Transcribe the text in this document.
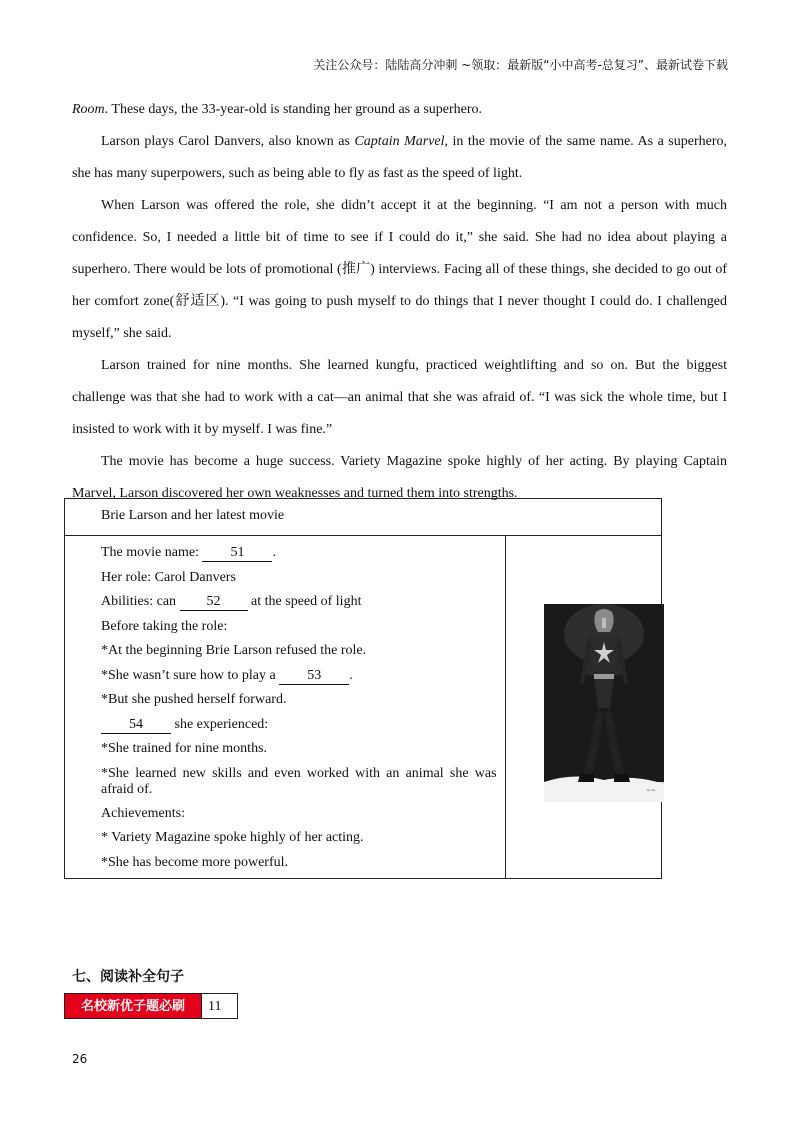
关注公众号：陆陆高分冲刺 ~领取：最新版“小中高考-总复习”、最新试卷下载

Room. These days, the 33-year-old is standing her ground as a superhero.

Larson plays Carol Danvers, also known as Captain Marvel, in the movie of the same name. As a superhero, she has many superpowers, such as being able to fly as fast as the speed of light.

When Larson was offered the role, she didn’t accept it at the beginning. “I am not a person with much confidence. So, I needed a little bit of time to see if I could do it,” she said. She had no idea about playing a superhero. There would be lots of promotional (推广) interviews. Facing all of these things, she decided to go out of her comfort zone(舒适区). “I was going to push myself to do things that I never thought I could do. I challenged myself,” she said.

Larson trained for nine months. She learned kungfu, practiced weightlifting and so on. But the biggest challenge was that she had to work with a cat—an animal that she was afraid of. “I was sick the whole time, but I insisted to work with it by myself. I was fine.”

The movie has become a huge success. Variety Magazine spoke highly of her acting. By playing Captain Marvel, Larson discovered her own weaknesses and turned them into strengths.

Brie Larson and her latest movie

The movie name: 51 .
Her role: Carol Danvers
Abilities: can 52 at the speed of light
Before taking the role:
*At the beginning Brie Larson refused the role.
*She wasn’t sure how to play a 53 .
*But she pushed herself forward.
54 she experienced:
*She trained for nine months.
*She learned new skills and even worked with an animal she was afraid of.
Achievements:
* Variety Magazine spoke highly of her acting.
*She has become more powerful.

~~
七、阅读补全句子
名校新优子题必刷	11
26
